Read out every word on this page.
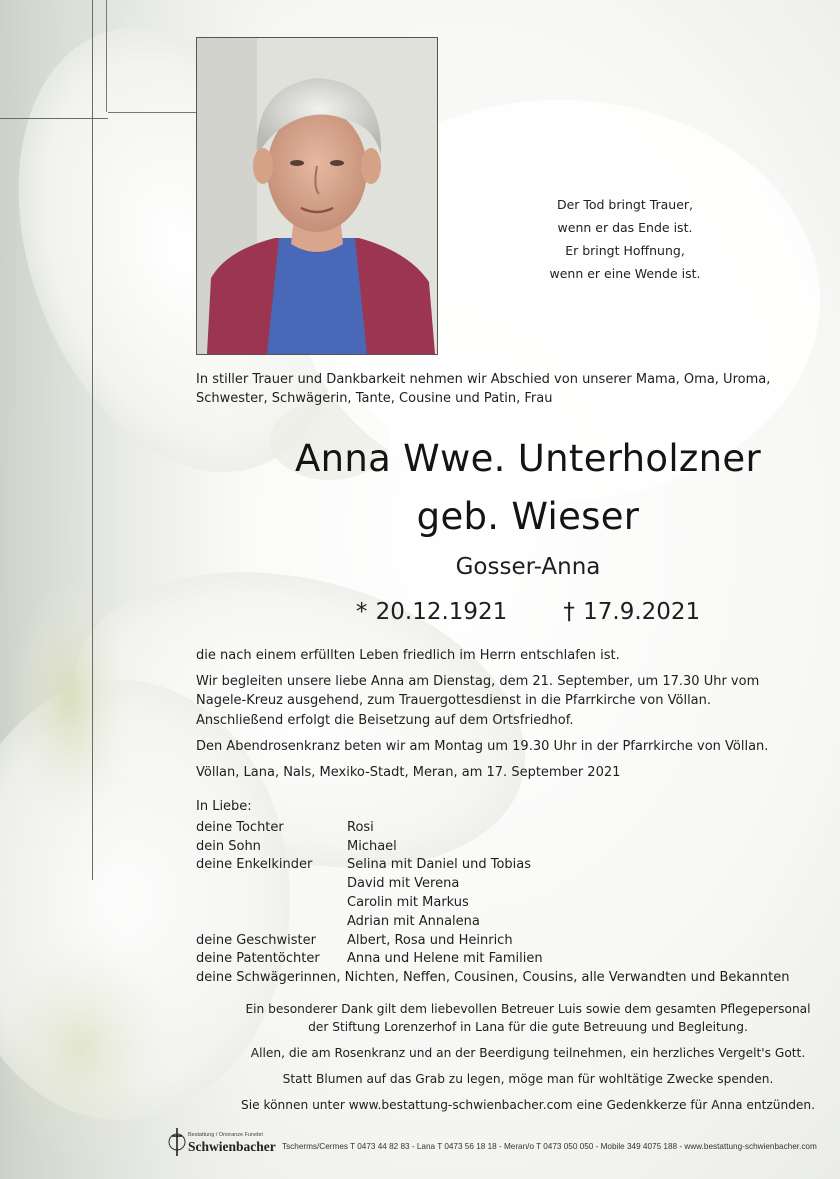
Der Tod bringt Trauer,
wenn er das Ende ist.
Er bringt Hoffnung,
wenn er eine Wende ist.
In stiller Trauer und Dankbarkeit nehmen wir Abschied von unserer Mama, Oma, Uroma,
Schwester, Schwägerin, Tante, Cousine und Patin, Frau
Anna Wwe. Unterholzner
geb. Wieser
Gosser-Anna
* 20.12.1921 † 17.9.2021
die nach einem erfüllten Leben friedlich im Herrn entschlafen ist.
Wir begleiten unsere liebe Anna am Dienstag, dem 21. September, um 17.30 Uhr vom
Nagele-Kreuz ausgehend, zum Trauergottesdienst in die Pfarrkirche von Völlan.
Anschließend erfolgt die Beisetzung auf dem Ortsfriedhof.
Den Abendrosenkranz beten wir am Montag um 19.30 Uhr in der Pfarrkirche von Völlan.
Völlan, Lana, Nals, Mexiko-Stadt, Meran, am 17. September 2021
In Liebe:
deine Tochter	Rosi
dein Sohn	Michael
deine Enkelkinder	Selina mit Daniel und Tobias
	David mit Verena
	Carolin mit Markus
	Adrian mit Annalena
deine Geschwister	Albert, Rosa und Heinrich
deine Patentöchter	Anna und Helene mit Familien
deine Schwägerinnen, Nichten, Neffen, Cousinen, Cousins, alle Verwandten und Bekannten
Ein besonderer Dank gilt dem liebevollen Betreuer Luis sowie dem gesamten Pflegepersonal
der Stiftung Lorenzerhof in Lana für die gute Betreuung und Begleitung.
Allen, die am Rosenkranz und an der Beerdigung teilnehmen, ein herzliches Vergelt's Gott.
Statt Blumen auf das Grab zu legen, möge man für wohltätige Zwecke spenden.
Sie können unter www.bestattung-schwienbacher.com eine Gedenkkerze für Anna entzünden.
Bestattung / Onoranze Funebri
Schwienbacher Tscherms/Cermes T 0473 44 82 83 - Lana T 0473 56 18 18 - Meran/o T 0473 050 050 - Mobile 349 4075 188 - www.bestattung-schwienbacher.com
